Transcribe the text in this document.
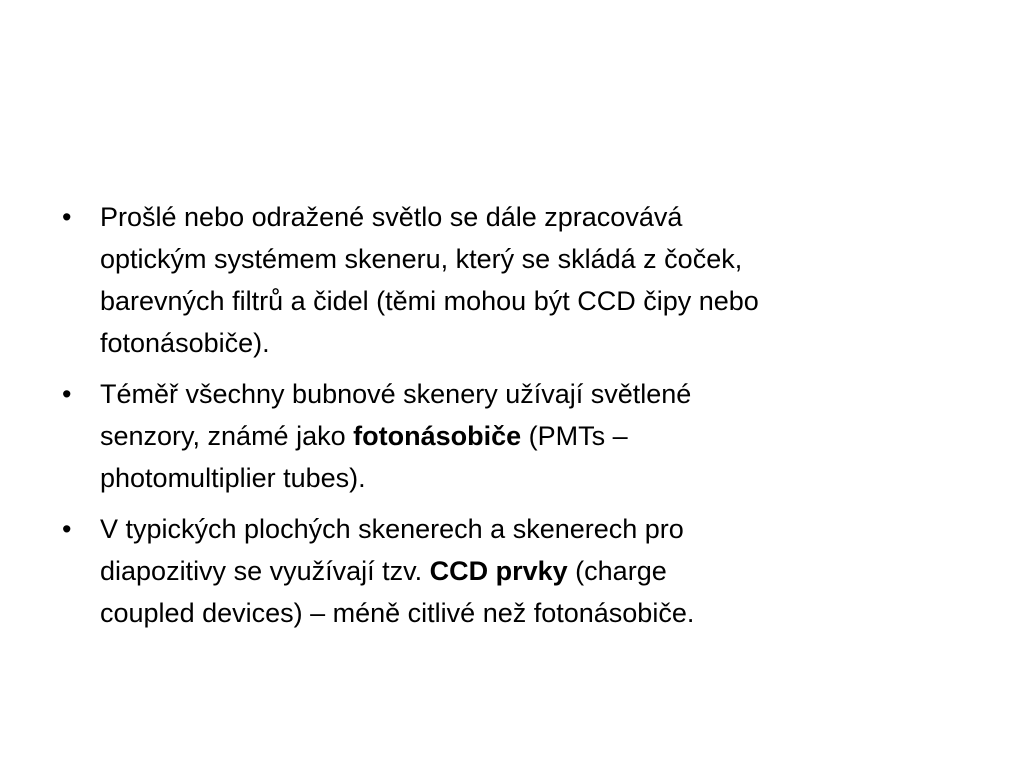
•	Prošlé nebo odražené světlo se dále zpracovává
optickým systémem skeneru, který se skládá z čoček,
barevných filtrů a čidel (těmi mohou být CCD čipy nebo
fotonásobiče).
•	Téměř všechny bubnové skenery užívají světlené
senzory, známé jako fotonásobiče (PMTs –
photomultiplier tubes).
•	V typických plochých skenerech a skenerech pro
diapozitivy se využívají tzv. CCD prvky (charge
coupled devices) – méně citlivé než fotonásobiče.
